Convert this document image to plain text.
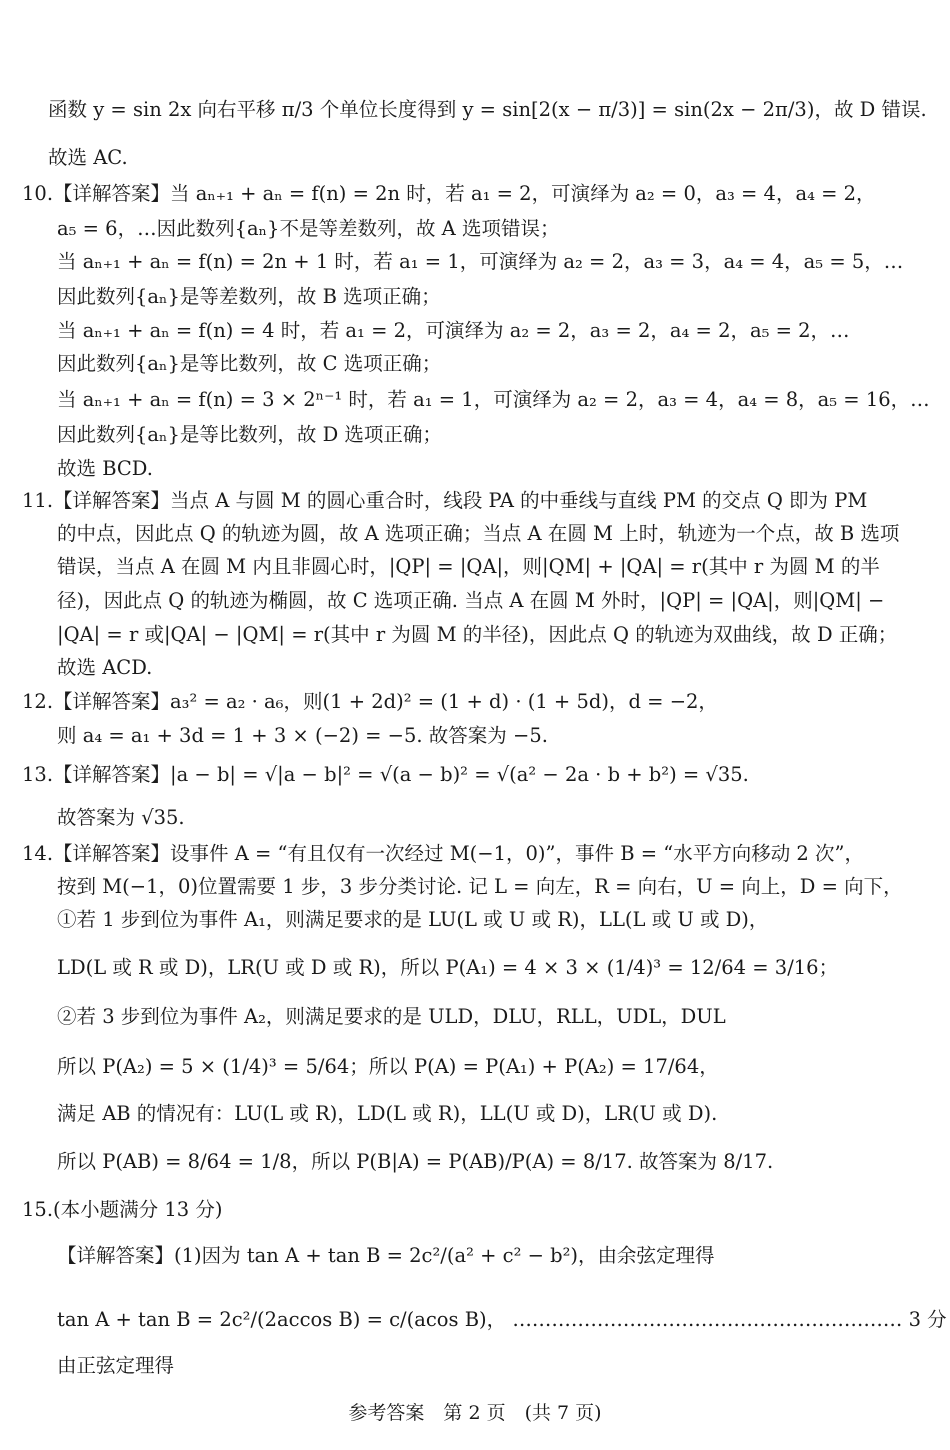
函数 y = sin 2x 向右平移 π/3 个单位长度得到 y = sin[2(x − π/3)] = sin(2x − 2π/3)，故 D 错误.
故选 AC.
10.【详解答案】当 aₙ₊₁ + aₙ = f(n) = 2n 时，若 a₁ = 2，可演绎为 a₂ = 0，a₃ = 4，a₄ = 2，
a₅ = 6，…因此数列{aₙ}不是等差数列，故 A 选项错误；
当 aₙ₊₁ + aₙ = f(n) = 2n + 1 时，若 a₁ = 1，可演绎为 a₂ = 2，a₃ = 3，a₄ = 4，a₅ = 5，…
因此数列{aₙ}是等差数列，故 B 选项正确；
当 aₙ₊₁ + aₙ = f(n) = 4 时，若 a₁ = 2，可演绎为 a₂ = 2，a₃ = 2，a₄ = 2，a₅ = 2，…
因此数列{aₙ}是等比数列，故 C 选项正确；
当 aₙ₊₁ + aₙ = f(n) = 3 × 2ⁿ⁻¹ 时，若 a₁ = 1，可演绎为 a₂ = 2，a₃ = 4，a₄ = 8，a₅ = 16，…
因此数列{aₙ}是等比数列，故 D 选项正确；
故选 BCD.
11.【详解答案】当点 A 与圆 M 的圆心重合时，线段 PA 的中垂线与直线 PM 的交点 Q 即为 PM
的中点，因此点 Q 的轨迹为圆，故 A 选项正确；当点 A 在圆 M 上时，轨迹为一个点，故 B 选项
错误，当点 A 在圆 M 内且非圆心时，|QP| = |QA|，则|QM| + |QA| = r(其中 r 为圆 M 的半
径)，因此点 Q 的轨迹为椭圆，故 C 选项正确. 当点 A 在圆 M 外时，|QP| = |QA|，则|QM| −
|QA| = r 或|QA| − |QM| = r(其中 r 为圆 M 的半径)，因此点 Q 的轨迹为双曲线，故 D 正确；
故选 ACD.
12.【详解答案】a₃² = a₂ · a₆，则(1 + 2d)² = (1 + d) · (1 + 5d)，d = −2，
则 a₄ = a₁ + 3d = 1 + 3 × (−2) = −5. 故答案为 −5.
13.【详解答案】|a − b| = √|a − b|² = √(a − b)² = √(a² − 2a · b + b²) = √35.
故答案为 √35.
14.【详解答案】设事件 A = “有且仅有一次经过 M(−1，0)”，事件 B = “水平方向移动 2 次”，
按到 M(−1，0)位置需要 1 步，3 步分类讨论. 记 L = 向左，R = 向右，U = 向上，D = 向下，
①若 1 步到位为事件 A₁，则满足要求的是 LU(L 或 U 或 R)，LL(L 或 U 或 D)，
LD(L 或 R 或 D)，LR(U 或 D 或 R)，所以 P(A₁) = 4 × 3 × (1/4)³ = 12/64 = 3/16；
②若 3 步到位为事件 A₂，则满足要求的是 ULD，DLU，RLL，UDL，DUL
所以 P(A₂) = 5 × (1/4)³ = 5/64；所以 P(A) = P(A₁) + P(A₂) = 17/64，
满足 AB 的情况有：LU(L 或 R)，LD(L 或 R)，LL(U 或 D)，LR(U 或 D).
所以 P(AB) = 8/64 = 1/8，所以 P(B|A) = P(AB)/P(A) = 8/17. 故答案为 8/17.
15.(本小题满分 13 分)
【详解答案】(1)因为 tan A + tan B = 2c²/(a² + c² − b²)，由余弦定理得
tan A + tan B = 2c²/(2accos B) = c/(acos B)， …………………………………………………… 3 分
由正弦定理得
参考答案　第 2 页　(共 7 页)
